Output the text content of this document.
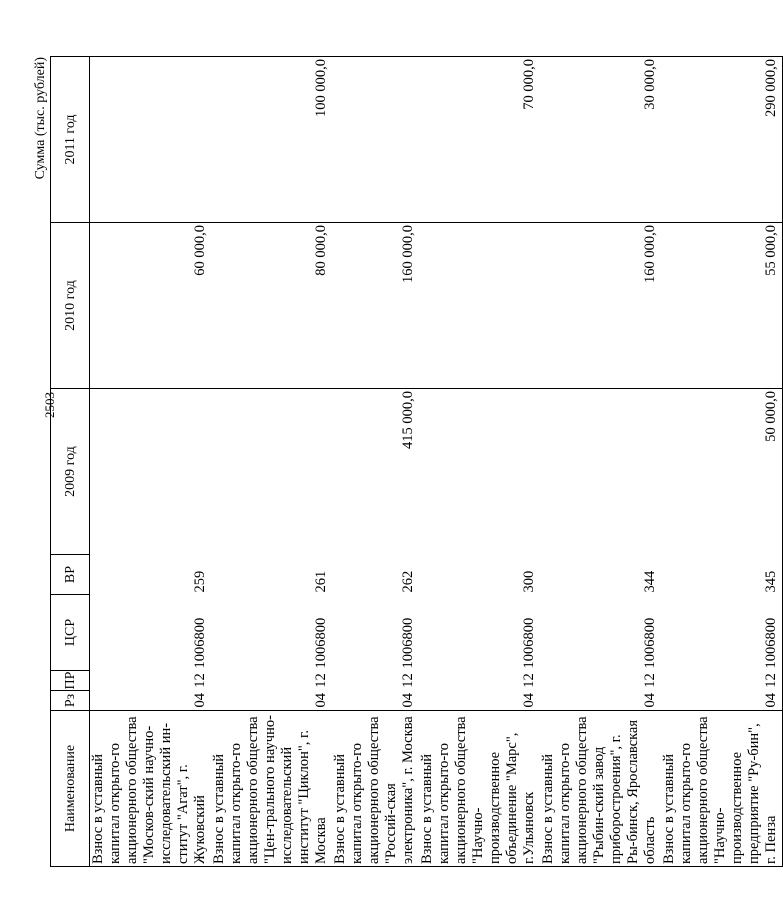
2503
Сумма (тыс. рублей)
Наименование	Рз	ПР	ЦСР	ВР	2009 год	2010 год	2011 год
Взнос в уставный капитал открыто-го акционерного общества "Москов-ский научно-исследовательский ин-ститут "Агат", г. Жуковский	04	12	1006800	259		60 000,0	
Взнос в уставный капитал открыто-го акционерного общества "Цен-трального научно-исследовательский институт "Циклон", г. Москва	04	12	1006800	261		80 000,0	100 000,0
Взнос в уставный капитал открыто-го акционерного общества "Россий-ская электроника", г. Москва	04	12	1006800	262	415 000,0	160 000,0	
Взнос в уставный капитал открыто-го акционерного общества "Научно-производственное объединение "Марс", г.Ульяновск	04	12	1006800	300			70 000,0
Взнос в уставный капитал открыто-го акционерного общества "Рыбин-ский завод приборостроения", г. Ры-бинск, Ярославская область	04	12	1006800	344		160 000,0	30 000,0
Взнос в уставный капитал открыто-го акционерного общества "Научно-производственное предприятие "Ру-бин", г. Пенза	04	12	1006800	345	50 000,0	55 000,0	290 000,0
